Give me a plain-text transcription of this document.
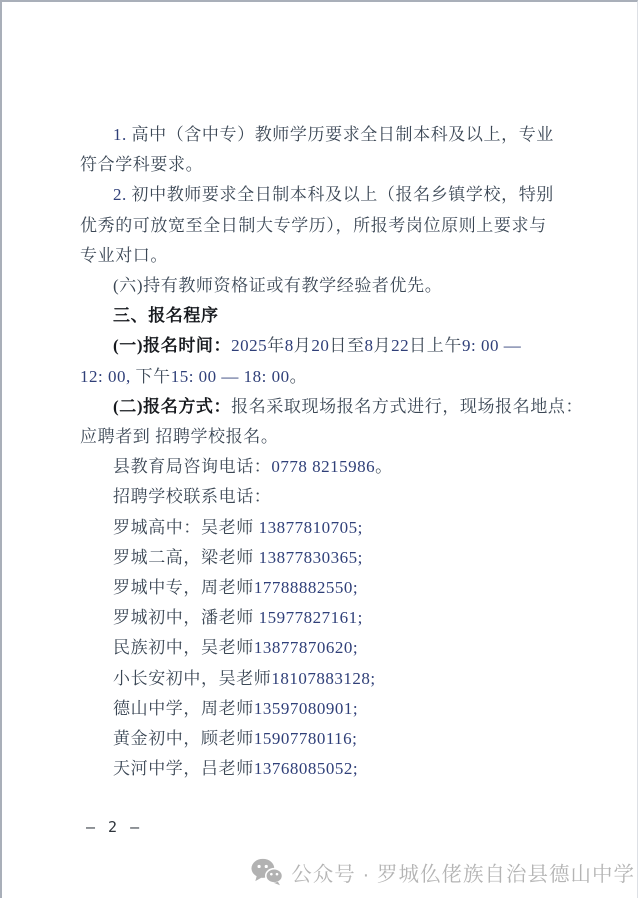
1. 高中（含中专）教师学历要求全日制本科及以上，专业
符合学科要求。
2. 初中教师要求全日制本科及以上（报名乡镇学校，特别
优秀的可放宽至全日制大专学历），所报考岗位原则上要求与
专业对口。
(六)持有教师资格证或有教学经验者优先。
三、报名程序
(一)报名时间：2025年8月20日至8月22日上午9: 00 —
12: 00, 下午15: 00 — 18: 00。
(二)报名方式：报名采取现场报名方式进行，现场报名地点：
应聘者到 招聘学校报名。
县教育局咨询电话：0778 8215986。
招聘学校联系电话：
罗城高中：吴老师 13877810705;
罗城二高，梁老师 13877830365;
罗城中专，周老师17788882550;
罗城初中，潘老师 15977827161;
民族初中，吴老师13877870620;
小长安初中，吴老师18107883128;
德山中学，周老师13597080901;
黄金初中，顾老师15907780116;
天河中学，吕老师13768085052;
— 2 —
公众号 · 罗城仫佬族自治县德山中学
